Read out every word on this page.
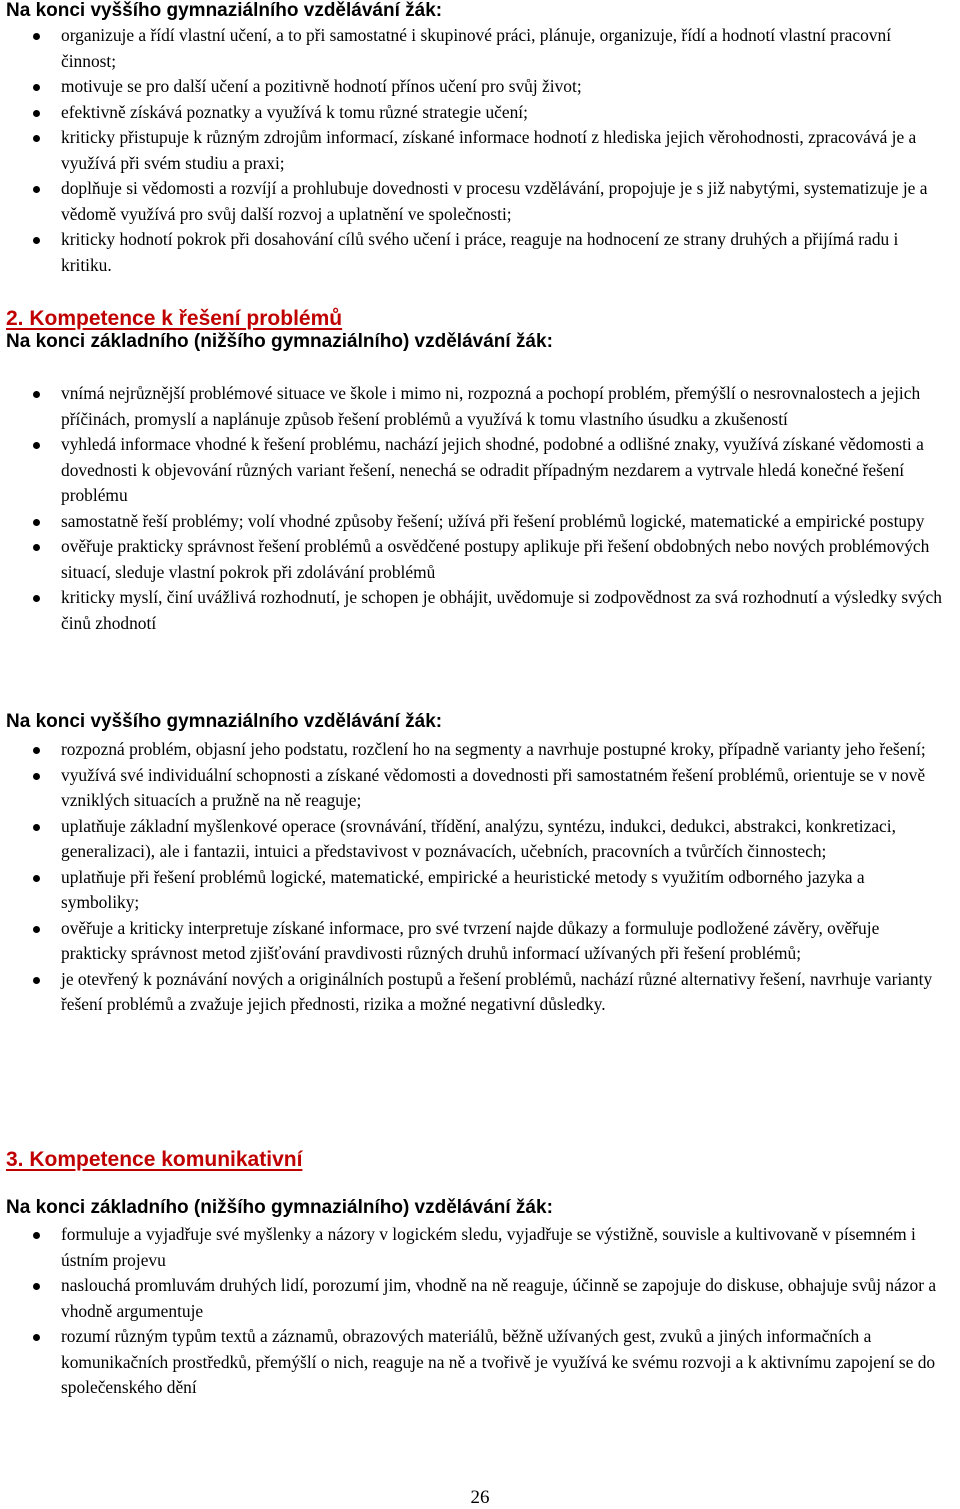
Na konci vyššího gymnaziálního vzdělávání žák:
organizuje a řídí vlastní učení, a to při samostatné i skupinové práci, plánuje, organizuje, řídí a hodnotí vlastní pracovní činnost;
motivuje se pro další učení a pozitivně hodnotí přínos učení pro svůj život;
efektivně získává poznatky a využívá k tomu různé strategie učení;
kriticky přistupuje k různým zdrojům informací, získané informace hodnotí z hlediska jejich věrohodnosti, zpracovává je a využívá při svém studiu a praxi;
doplňuje si vědomosti a rozvíjí a prohlubuje dovednosti v procesu vzdělávání, propojuje je s již nabytými, systematizuje je a vědomě využívá pro svůj další rozvoj a uplatnění ve společnosti;
kriticky hodnotí pokrok při dosahování cílů svého učení i práce, reaguje na hodnocení ze strany druhých a přijímá radu i kritiku.
2. Kompetence k řešení problémů
Na konci základního (nižšího gymnaziálního) vzdělávání žák:
vnímá nejrůznější problémové situace ve škole i mimo ni, rozpozná a pochopí problém, přemýšlí o nesrovnalostech a jejich příčinách, promyslí a naplánuje způsob řešení problémů a využívá k tomu vlastního úsudku a zkušeností
vyhledá informace vhodné k řešení problému, nachází jejich shodné, podobné a odlišné znaky, využívá získané vědomosti a dovednosti k objevování různých variant řešení, nenechá se odradit případným nezdarem a vytrvale hledá konečné řešení problému
samostatně řeší problémy; volí vhodné způsoby řešení; užívá při řešení problémů logické, matematické a empirické postupy
ověřuje prakticky správnost řešení problémů a osvědčené postupy aplikuje při řešení obdobných nebo nových problémových situací, sleduje vlastní pokrok při zdolávání problémů
kriticky myslí, činí uvážlivá rozhodnutí, je schopen je obhájit, uvědomuje si zodpovědnost za svá rozhodnutí a výsledky svých činů zhodnotí
Na konci vyššího gymnaziálního vzdělávání žák:
rozpozná problém, objasní jeho podstatu, rozčlení ho na segmenty a navrhuje postupné kroky, případně varianty jeho řešení;
využívá své individuální schopnosti a získané vědomosti a dovednosti při samostatném řešení problémů, orientuje se v nově vzniklých situacích a pružně na ně reaguje;
uplatňuje základní myšlenkové operace (srovnávání, třídění, analýzu, syntézu, indukci, dedukci, abstrakci, konkretizaci, generalizaci), ale i fantazii, intuici a představivost v poznávacích, učebních, pracovních a tvůrčích činnostech;
uplatňuje při řešení problémů logické, matematické, empirické a heuristické metody s využitím odborného jazyka a symboliky;
ověřuje a kriticky interpretuje získané informace, pro své tvrzení najde důkazy a formuluje podložené závěry, ověřuje prakticky správnost metod zjišťování pravdivosti různých druhů informací užívaných při řešení problémů;
je otevřený k poznávání nových a originálních postupů a řešení problémů, nachází různé alternativy řešení, navrhuje varianty řešení problémů a zvažuje jejich přednosti, rizika a možné negativní důsledky.
3. Kompetence komunikativní
Na konci základního (nižšího gymnaziálního) vzdělávání žák:
formuluje a vyjadřuje své myšlenky a názory v logickém sledu, vyjadřuje se výstižně, souvisle a kultivovaně v písemném i ústním projevu
naslouchá promluvám druhých lidí, porozumí jim, vhodně na ně reaguje, účinně se zapojuje do diskuse, obhajuje svůj názor a vhodně argumentuje
rozumí různým typům textů a záznamů, obrazových materiálů, běžně užívaných gest, zvuků a jiných informačních a komunikačních prostředků, přemýšlí o nich, reaguje na ně a tvořivě je využívá ke svému rozvoji a k aktivnímu zapojení se do společenského dění
26
